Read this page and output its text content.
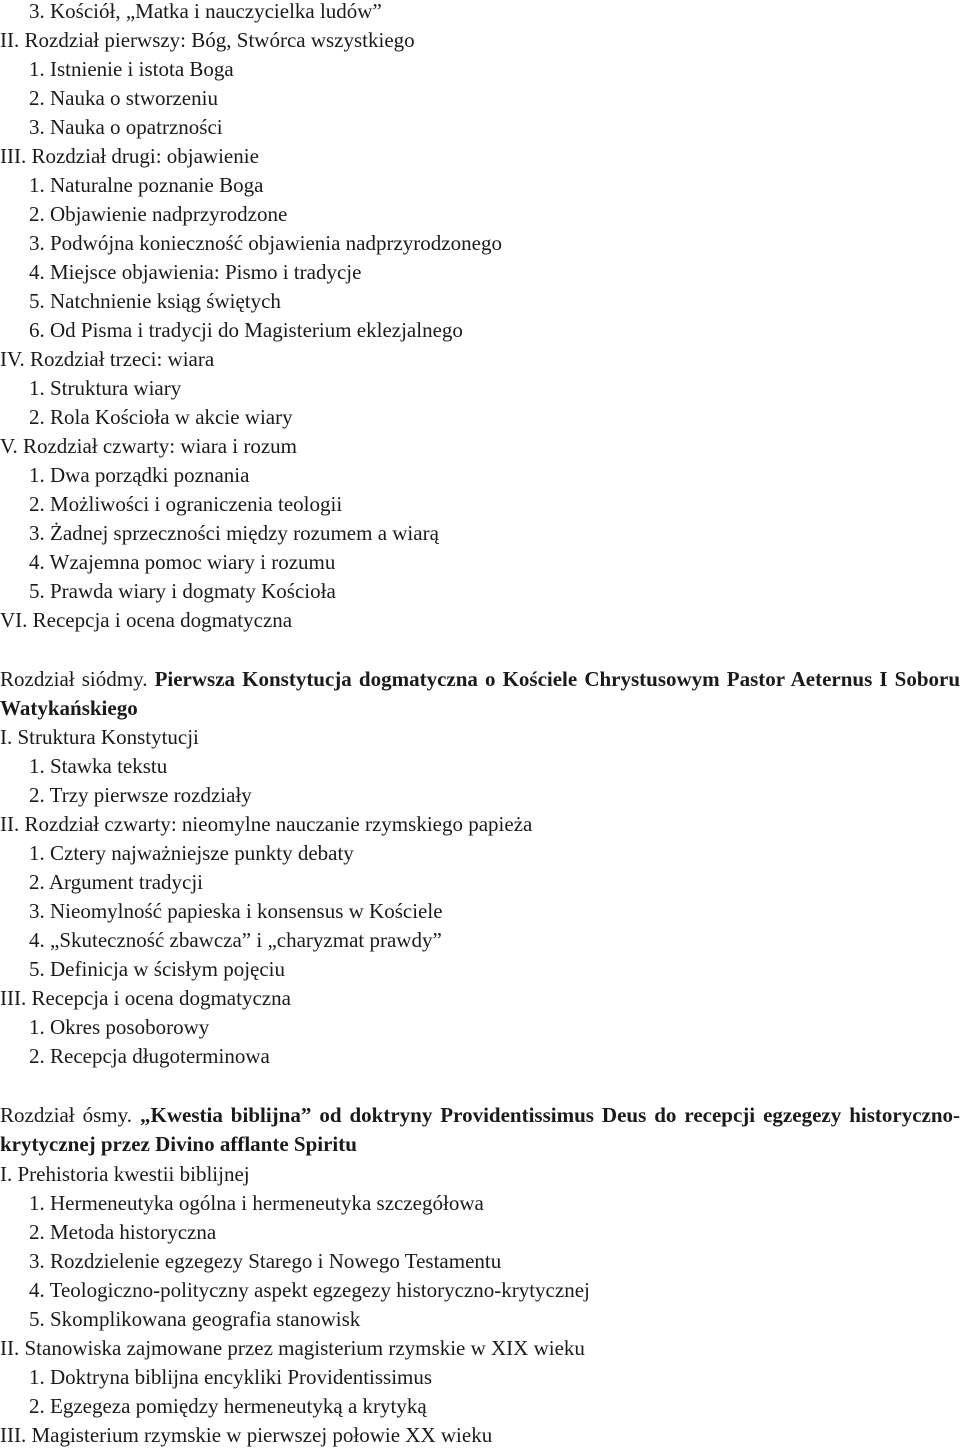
3. Kościół, „Matka i nauczycielka ludów”
II. Rozdział pierwszy: Bóg, Stwórca wszystkiego
1. Istnienie i istota Boga
2. Nauka o stworzeniu
3. Nauka o opatrzności
III. Rozdział drugi: objawienie
1. Naturalne poznanie Boga
2. Objawienie nadprzyrodzone
3. Podwójna konieczność objawienia nadprzyrodzonego
4. Miejsce objawienia: Pismo i tradycje
5. Natchnienie ksiąg świętych
6. Od Pisma i tradycji do Magisterium eklezjalnego
IV. Rozdział trzeci: wiara
1. Struktura wiary
2. Rola Kościoła w akcie wiary
V. Rozdział czwarty: wiara i rozum
1. Dwa porządki poznania
2. Możliwości i ograniczenia teologii
3. Żadnej sprzeczności między rozumem a wiarą
4. Wzajemna pomoc wiary i rozumu
5. Prawda wiary i dogmaty Kościoła
VI. Recepcja i ocena dogmatyczna
Rozdział siódmy. Pierwsza Konstytucja dogmatyczna o Kościele Chrystusowym Pastor Aeternus I Soboru Watykańskiego
I. Struktura Konstytucji
1. Stawka tekstu
2. Trzy pierwsze rozdziały
II. Rozdział czwarty: nieomylne nauczanie rzymskiego papieża
1. Cztery najważniejsze punkty debaty
2. Argument tradycji
3. Nieomylność papieska i konsensus w Kościele
4. „Skuteczność zbawcza” i „charyzmat prawdy”
5. Definicja w ścisłym pojęciu
III. Recepcja i ocena dogmatyczna
1. Okres posoborowy
2. Recepcja długoterminowa
Rozdział ósmy. „Kwestia biblijna” od doktryny Providentissimus Deus do recepcji egzegezy historyczno-krytycznej przez Divino afflante Spiritu
I. Prehistoria kwestii biblijnej
1. Hermeneutyka ogólna i hermeneutyka szczegółowa
2. Metoda historyczna
3. Rozdzielenie egzegezy Starego i Nowego Testamentu
4. Teologiczno-polityczny aspekt egzegezy historyczno-krytycznej
5. Skomplikowana geografia stanowisk
II. Stanowiska zajmowane przez magisterium rzymskie w XIX wieku
1. Doktryna biblijna encykliki Providentissimus
2. Egzegeza pomiędzy hermeneutyką a krytyką
III. Magisterium rzymskie w pierwszej połowie XX wieku
